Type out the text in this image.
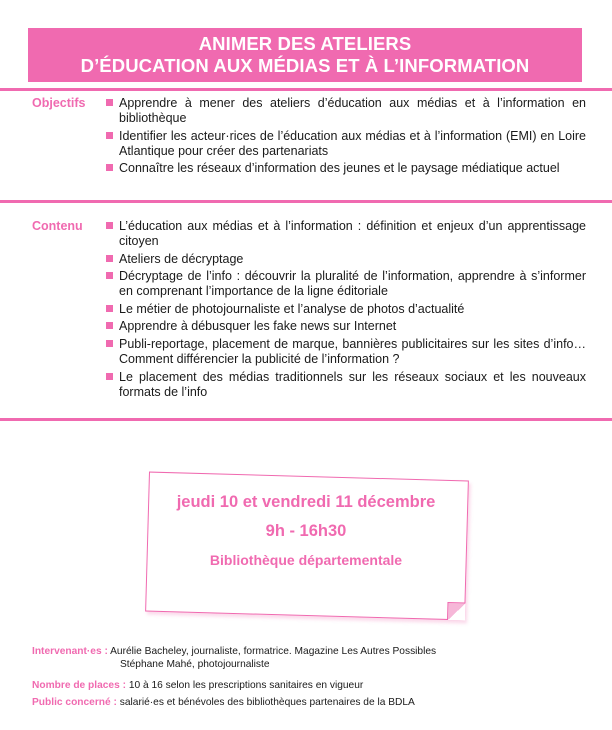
ANIMER DES ATELIERS
D’ÉDUCATION AUX MÉDIAS ET À L’INFORMATION
Objectifs	Apprendre à mener des ateliers d’éducation aux médias et à l’information en bibliothèque
Identifier les acteur·rices de l’éducation aux médias et à l’information (EMI) en Loire Atlantique pour créer des partenariats
Connaître les réseaux d’information des jeunes et le paysage médiatique actuel
Contenu	L’éducation aux médias et à l’information : définition et enjeux d’un apprentissage citoyen
Ateliers de décryptage
Décryptage de l’info : découvrir la pluralité de l’information, apprendre à s’informer en comprenant l’importance de la ligne éditoriale
Le métier de photojournaliste et l’analyse de photos d’actualité
Apprendre à débusquer les fake news sur Internet
Publi-reportage, placement de marque, bannières publicitaires sur les sites d’info… Comment différencier la publicité de l’information ?
Le placement des médias traditionnels sur les réseaux sociaux et les nouveaux formats de l’info
jeudi 10 et vendredi 11 décembre
9h - 16h30
Bibliothèque départementale
Intervenant·es : Aurélie Bacheley, journaliste, formatrice. Magazine Les Autres Possibles
Stéphane Mahé, photojournaliste
Nombre de places : 10 à 16 selon les prescriptions sanitaires en vigueur
Public concerné : salarié·es et bénévoles des bibliothèques partenaires de la BDLA
